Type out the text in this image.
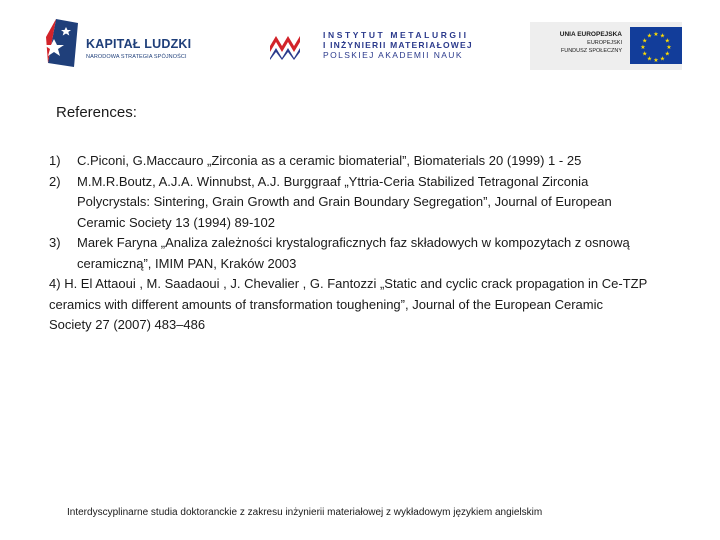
KAPITAŁ LUDZKI
NARODOWA STRATEGIA SPÓJNOŚCI
INSTYTUT METALURGII
I INŻYNIERII MATERIAŁOWEJ
POLSKIEJ AKADEMII NAUK
UNIA EUROPEJSKA
EUROPEJSKI
FUNDUSZ SPOŁECZNY
★ ★
★
★
★
★
★
★
★
★
★
★
References:
1) C.Piconi, G.Maccauro „Zirconia as a ceramic biomaterial”, Biomaterials 20 (1999) 1 - 25
2) M.M.R.Boutz, A.J.A. Winnubst, A.J. Burggraaf „Yttria-Ceria Stabilized Tetragonal Zirconia Polycrystals: Sintering, Grain Growth and Grain Boundary Segregation”, Journal of European Ceramic Society 13 (1994) 89-102
3) Marek Faryna „Analiza zależności krystalograficznych faz składowych w kompozytach z osnową ceramiczną”, IMIM PAN, Kraków 2003
4) H. El Attaoui , M. Saadaoui , J. Chevalier , G. Fantozzi „Static and cyclic crack propagation in Ce-TZP ceramics with different amounts of transformation toughening”, Journal of the European Ceramic Society 27 (2007) 483–486
Interdyscyplinarne studia doktoranckie z zakresu inżynierii materiałowej z wykładowym językiem angielskim
